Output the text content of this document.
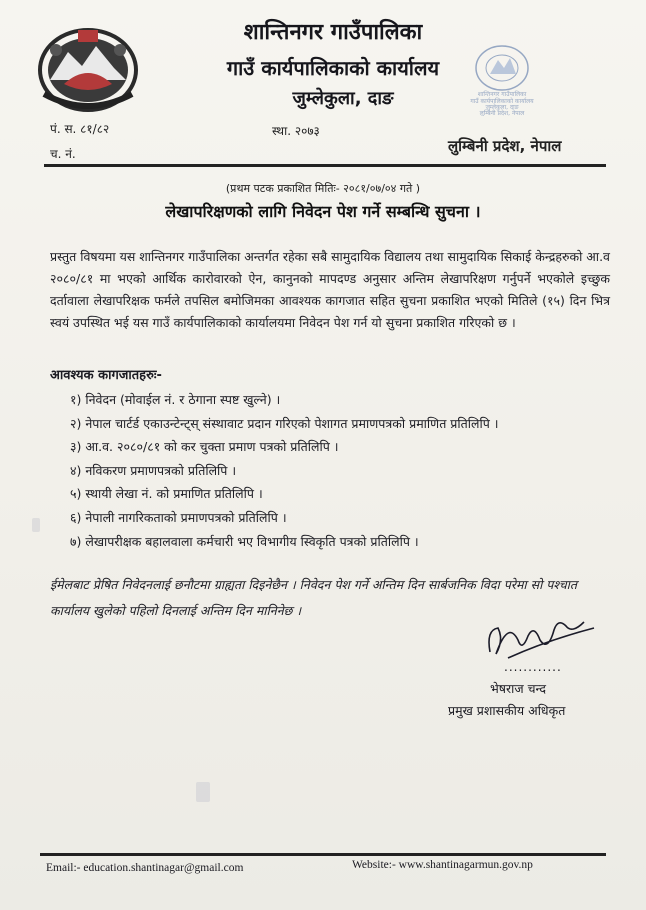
शान्तिनगर गाउँपालिका
गाउँ कार्यपालिकाको कार्यालय
जुम्लेकुला, दाङ	शान्तिनगर गाउँपालिका
गाउँ कार्यपालिकाको कार्यालय
जुम्लेकुला, दाङ
लुम्बिनी प्रदेश, नेपाल
पं. स. ८१/८२
च. नं.
स्था. २०७३
लुम्बिनी प्रदेश, नेपाल
(प्रथम पटक प्रकाशित मितिः- २०८१/०७/०४ गते )
लेखापरिक्षणको लागि निवेदन पेश गर्ने सम्बन्धि सुचना ।
प्रस्तुत विषयमा यस शान्तिनगर गाउँपालिका अन्तर्गत रहेका सबै सामुदायिक विद्यालय तथा सामुदायिक सिकाई केन्द्रहरुको आ.व २०८०/८१ मा भएको आर्थिक कारोवारको ऐन, कानुनको मापदण्ड अनुसार अन्तिम लेखापरिक्षण गर्नुपर्ने भएकोले इच्छुक दर्तावाला लेखापरिक्षक फर्मले तपसिल बमोजिमका आवश्यक कागजात सहित सुचना प्रकाशित भएको मितिले (१५) दिन भित्र स्वयं उपस्थित भई यस गाउँ कार्यपालिकाको कार्यालयमा निवेदन पेश गर्न यो सुचना प्रकाशित गरिएको छ ।
आवश्यक कागजातहरुः-
१) निवेदन (मोवाईल नं. र ठेगाना स्पष्ट खुल्ने) ।
२) नेपाल चार्टर्ड एकाउन्टेन्ट्स् संस्थावाट प्रदान गरिएको पेशागत प्रमाणपत्रको प्रमाणित प्रतिलिपि ।
३) आ.व. २०८०/८१ को कर चुक्ता प्रमाण पत्रको प्रतिलिपि ।
४) नविकरण प्रमाणपत्रको प्रतिलिपि ।
५) स्थायी लेखा नं. को प्रमाणित प्रतिलिपि ।
६) नेपाली नागरिकताको प्रमाणपत्रको प्रतिलिपि ।
७) लेखापरीक्षक बहालवाला कर्मचारी भए विभागीय स्विकृति पत्रको प्रतिलिपि ।
ईमेलबाट प्रेषित निवेदनलाई छनौटमा ग्राह्यता दिइनेछैन । निवेदन पेश गर्ने अन्तिम दिन सार्बजनिक विदा परेमा सो पश्चात कार्यालय खुलेको पहिलो दिनलाई अन्तिम दिन मानिनेछ ।
............
भेषराज चन्द
प्रमुख प्रशासकीय अधिकृत
Email:- education.shantinagar@gmail.com	Website:- www.shantinagarmun.gov.np
